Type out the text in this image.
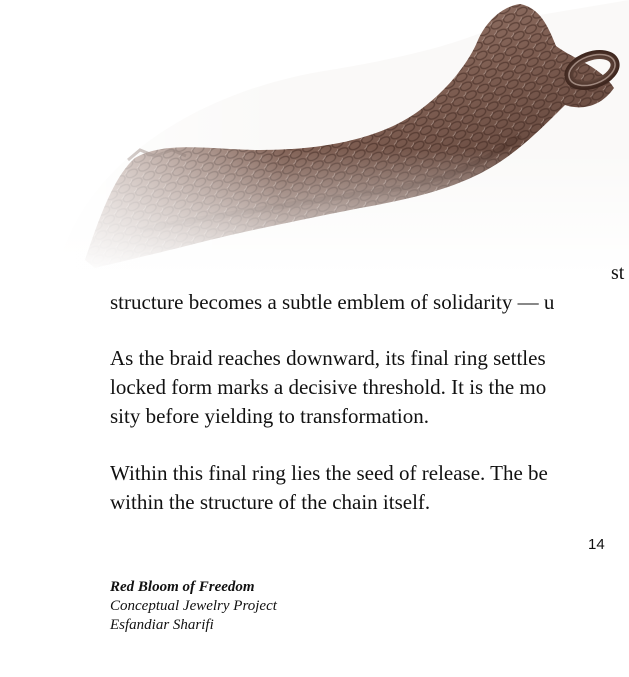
st
structure becomes a subtle emblem of solidarity — u
As the braid reaches downward, its final ring settles
locked form marks a decisive threshold. It is the mo
sity before yielding to transformation.
Within this final ring lies the seed of release. The be
within the structure of the chain itself.
14
Red Bloom of Freedom
Conceptual Jewelry Project
Esfandiar Sharifi
